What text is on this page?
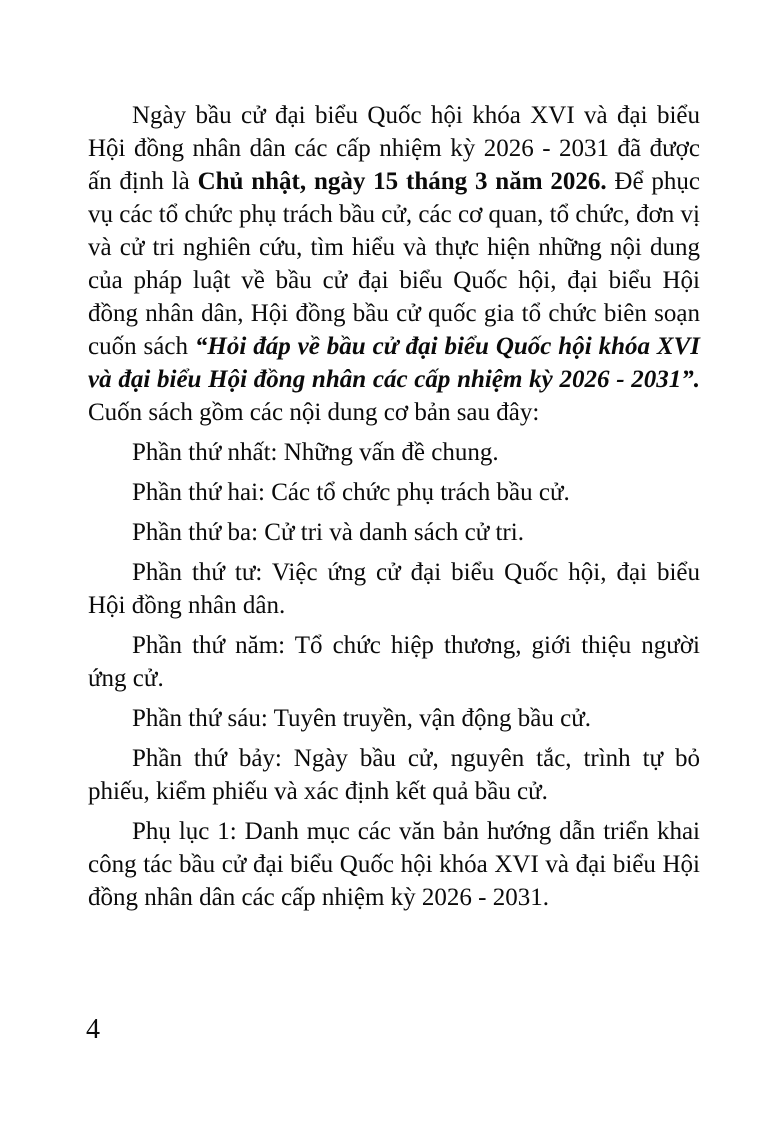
Ngày bầu cử đại biểu Quốc hội khóa XVI và đại biểu Hội đồng nhân dân các cấp nhiệm kỳ 2026 - 2031 đã được ấn định là Chủ nhật, ngày 15 tháng 3 năm 2026. Để phục vụ các tổ chức phụ trách bầu cử, các cơ quan, tổ chức, đơn vị và cử tri nghiên cứu, tìm hiểu và thực hiện những nội dung của pháp luật về bầu cử đại biểu Quốc hội, đại biểu Hội đồng nhân dân, Hội đồng bầu cử quốc gia tổ chức biên soạn cuốn sách “Hỏi đáp về bầu cử đại biểu Quốc hội khóa XVI và đại biểu Hội đồng nhân các cấp nhiệm kỳ 2026 - 2031”. Cuốn sách gồm các nội dung cơ bản sau đây:

Phần thứ nhất: Những vấn đề chung.

Phần thứ hai: Các tổ chức phụ trách bầu cử.

Phần thứ ba: Cử tri và danh sách cử tri.

Phần thứ tư: Việc ứng cử đại biểu Quốc hội, đại biểu Hội đồng nhân dân.

Phần thứ năm: Tổ chức hiệp thương, giới thiệu người ứng cử.

Phần thứ sáu: Tuyên truyền, vận động bầu cử.

Phần thứ bảy: Ngày bầu cử, nguyên tắc, trình tự bỏ phiếu, kiểm phiếu và xác định kết quả bầu cử.

Phụ lục 1: Danh mục các văn bản hướng dẫn triển khai công tác bầu cử đại biểu Quốc hội khóa XVI và đại biểu Hội đồng nhân dân các cấp nhiệm kỳ 2026 - 2031.

4
